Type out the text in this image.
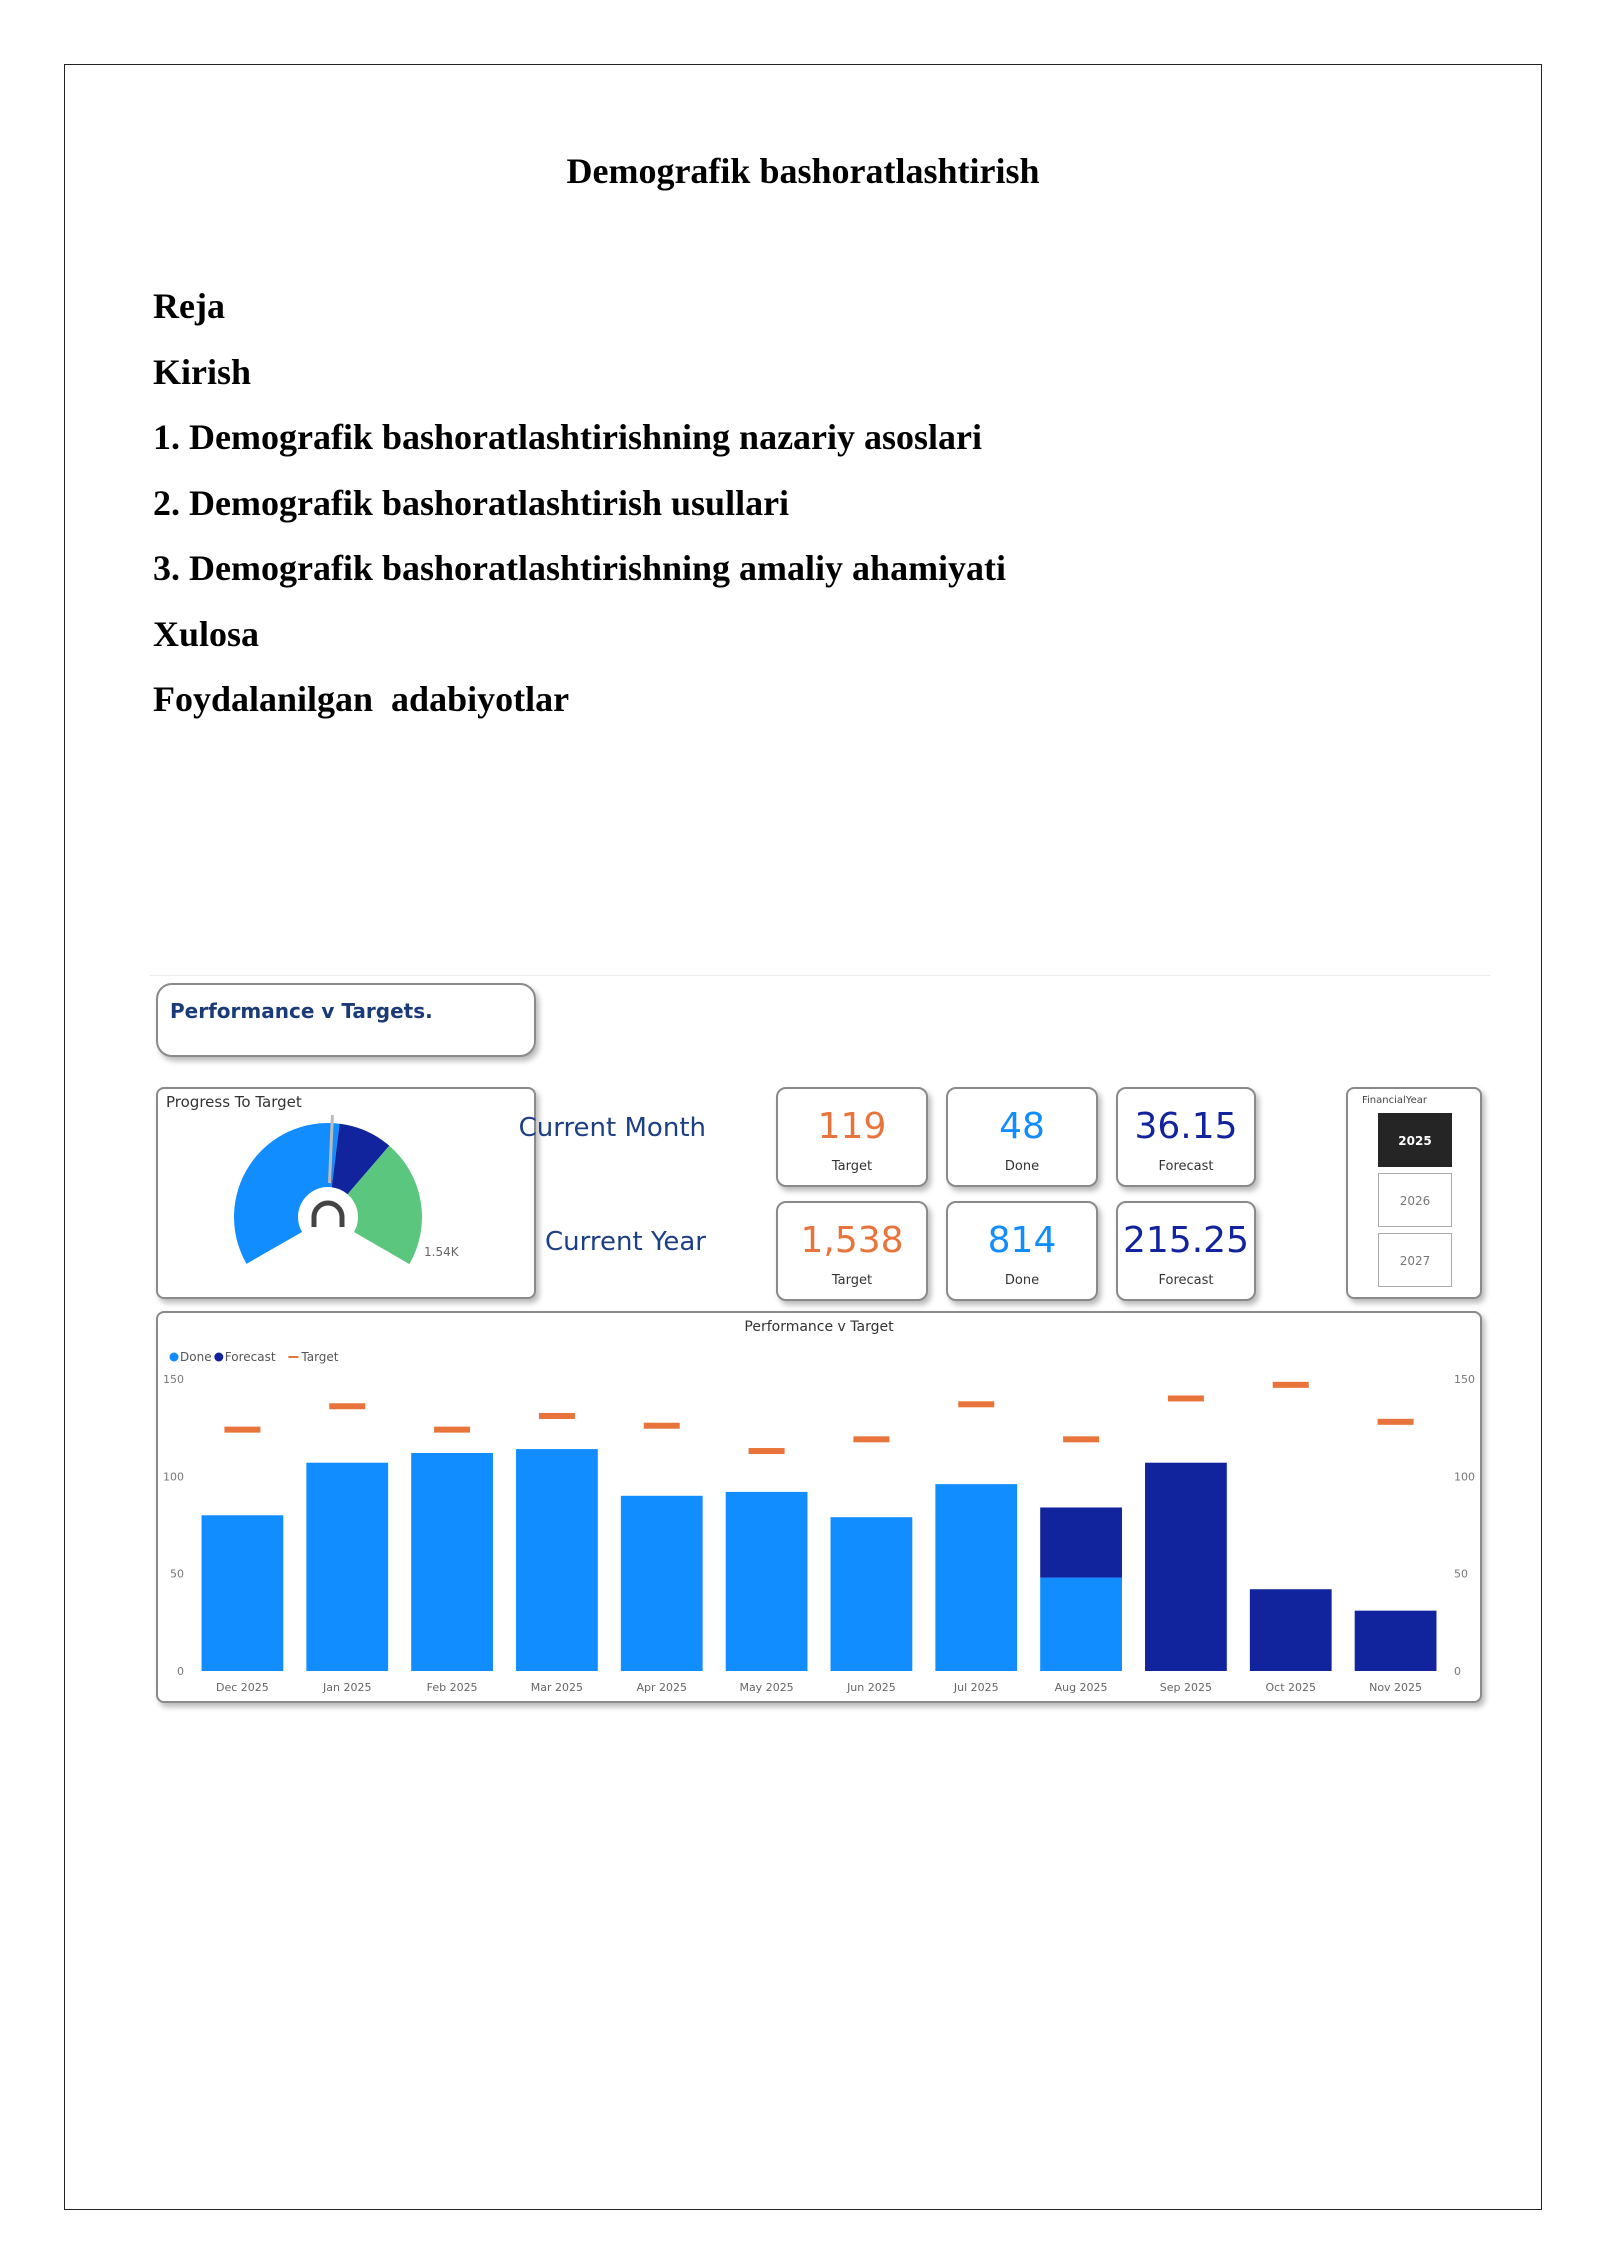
Demografik bashoratlashtirish
Reja
Kirish
1. Demografik bashoratlashtirishning nazariy asoslari
2. Demografik bashoratlashtirish usullari
3. Demografik bashoratlashtirishning amaliy ahamiyati
Xulosa
Foydalanilgan  adabiyotlar
Performance v Targets.
Progress To Target
1.54K
Current Month
Current Year
119
Target
48
Done
36.15
Forecast
1,538
Target
814
Done
215.25
Forecast
FinancialYear
2025
2026
2027
Performance v Target
Done Forecast Target
0	0
50	50
100	100
150	150
Dec 2025	Jan 2025	Feb 2025	Mar 2025	Apr 2025	May 2025	Jun 2025	Jul 2025	Aug 2025	Sep 2025	Oct 2025	Nov 2025
